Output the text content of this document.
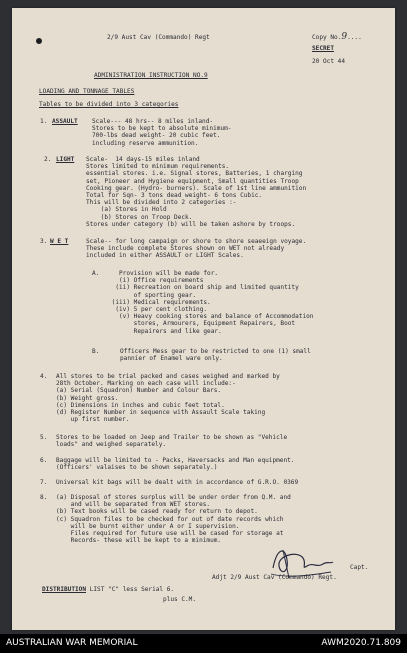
2/9 Aust Cav (Commando) Regt	Copy No.9....
SECRET
20 Oct 44
ADMINISTRATION INSTRUCTION NO.9
LOADING AND TONNAGE TABLES
Tables to be divided into 3 categories
1. ASSAULT Scale--- 48 hrs-- 8 miles inland-
Stores to be kept to absolute minimum-
700-lbs dead weight- 20 cubic feet.
including reserve ammunition.
2. LIGHT Scale-  14 days-15 miles inland
Stores limited to minimum requirements.
essential stores. i.e. Signal stores, Batteries, 1 charging
set, Pioneer and Hygiene equipment, Small quantities Troop
Cooking gear. (Hydro- burners). Scale of 1st line ammunition
Total for Sqn- 3 tons dead weight- 6 tons Cubic.
This will be divided into 2 categories :-
(a) Stores in Hold
(b) Stores on Troop Deck.
Stores under category (b) will be taken ashore by troops.
3. W E T	Scale-- for long campaign or shore to shore seaeeign voyage.
These include complete Stores shown on WET not already
included in either ASSAULT or LIGHT Scales.
A. Provision will be made for.
(i) Office requirements
(ii) Recreation on board ship and limited quantity
of sporting gear.
(iii) Medical requirements.
(iv) 5 per cent clothing.
(v) Heavy cooking stores and balance of Accommodation
stores, Armourers, Equipment Repairers, Boot
Repairers and like gear.
B.	Officers Mess gear to be restricted to one (1) small
pannier of Enamel ware only.
4. All stores to be trial packed and cases weighed and marked by
28th October. Marking on each case will include:-
(a) Serial (Squadron) Number and Colour Bars.
(b) Weight gross.
(c) Dimensions in inches and cubic feet total.
(d) Register Number in sequence with Assault Scale taking
up first number.
5. Stores to be loaded on Jeep and Trailer to be shown as "Vehicle
loads" and weighed separately.
6. Baggage will be limited to - Packs, Haversacks and Man equipment.
(Officers' valaises to be shown separately.)
7. Universal kit bags will be dealt with in accordance of G.R.O. 0369
8. (a) Disposal of stores surplus will be under order from Q.M. and
and will be separated from WET stores.
(b) Text books will be cased ready for return to depot.
(c) Squadron files to be checked for out of date records which
will be burnt either under A or I supervision.
Files required for future use will be cased for storage at
Records- these will be kept to a minimum.
Capt.
Adjt 2/9 Aust Cav (Commando) Regt.
DISTRIBUTION LIST "C" less Serial 6.
plus C.M.
AUSTRALIAN WAR MEMORIAL	AWM2020.71.809
